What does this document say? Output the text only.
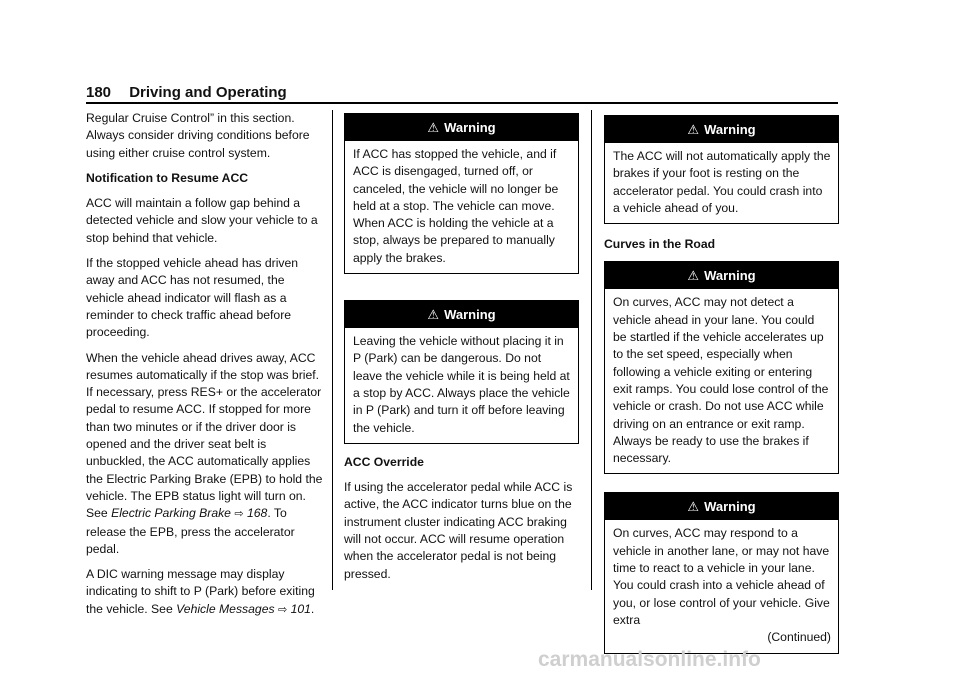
180 Driving and Operating

Regular Cruise Control” in this section. Always consider driving conditions before using either cruise control system.

Notification to Resume ACC

ACC will maintain a follow gap behind a detected vehicle and slow your vehicle to a stop behind that vehicle.

If the stopped vehicle ahead has driven away and ACC has not resumed, the vehicle ahead indicator will flash as a reminder to check traffic ahead before proceeding.

When the vehicle ahead drives away, ACC resumes automatically if the stop was brief. If necessary, press RES+ or the accelerator pedal to resume ACC. If stopped for more than two minutes or if the driver door is opened and the driver seat belt is unbuckled, the ACC automatically applies the Electric Parking Brake (EPB) to hold the vehicle. The EPB status light will turn on. See Electric Parking Brake ⇨ 168. To release the EPB, press the accelerator pedal.

A DIC warning message may display indicating to shift to P (Park) before exiting the vehicle. See Vehicle Messages ⇨ 101.

⚠ Warning
If ACC has stopped the vehicle, and if ACC is disengaged, turned off, or canceled, the vehicle will no longer be held at a stop. The vehicle can move. When ACC is holding the vehicle at a stop, always be prepared to manually apply the brakes.
⚠ Warning
Leaving the vehicle without placing it in P (Park) can be dangerous. Do not leave the vehicle while it is being held at a stop by ACC. Always place the vehicle in P (Park) and turn it off before leaving the vehicle.

ACC Override

If using the accelerator pedal while ACC is active, the ACC indicator turns blue on the instrument cluster indicating ACC braking will not occur. ACC will resume operation when the accelerator pedal is not being pressed.

⚠ Warning
The ACC will not automatically apply the brakes if your foot is resting on the accelerator pedal. You could crash into a vehicle ahead of you.

Curves in the Road

⚠ Warning
On curves, ACC may not detect a vehicle ahead in your lane. You could be startled if the vehicle accelerates up to the set speed, especially when following a vehicle exiting or entering exit ramps. You could lose control of the vehicle or crash. Do not use ACC while driving on an entrance or exit ramp. Always be ready to use the brakes if necessary.
⚠ Warning
On curves, ACC may respond to a vehicle in another lane, or may not have time to react to a vehicle in your lane. You could crash into a vehicle ahead of you, or lose control of your vehicle. Give extra
(Continued)
carmanualsonline.info
